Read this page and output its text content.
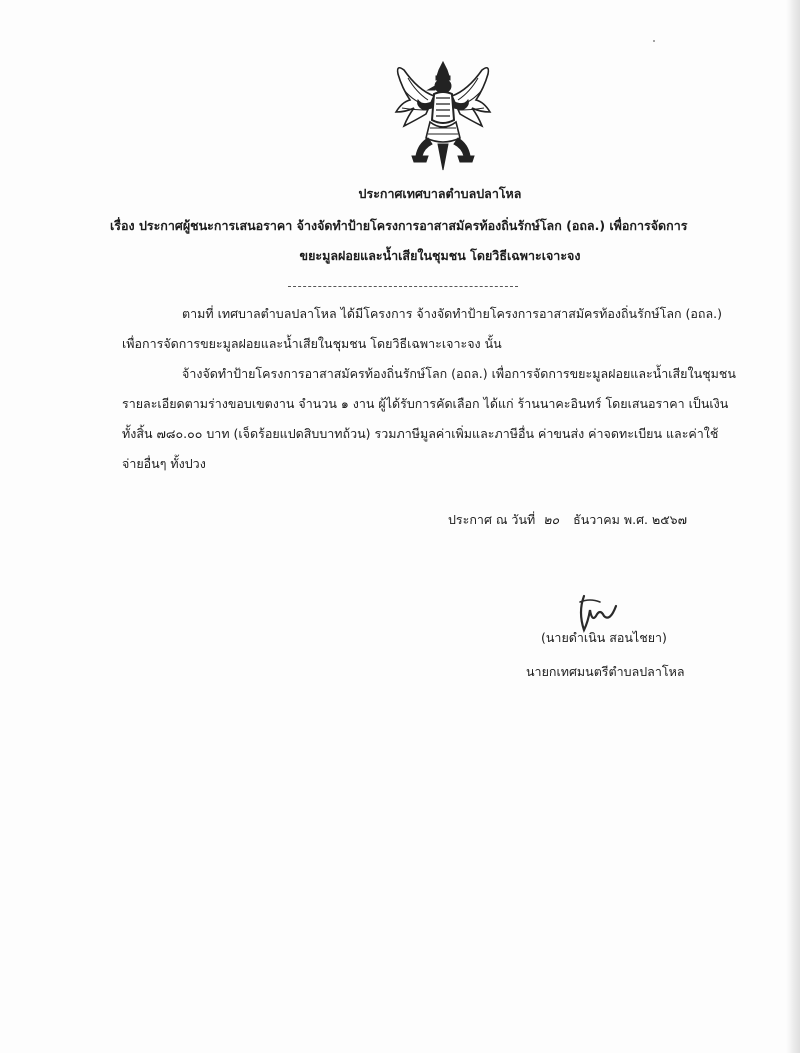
ประกาศเทศบาลตำบลปลาโหล
เรื่อง ประกาศผู้ชนะการเสนอราคา จ้างจัดทำป้ายโครงการอาสาสมัครท้องถิ่นรักษ์โลก (อถล.) เพื่อการจัดการ
ขยะมูลฝอยและน้ำเสียในชุมชน โดยวิธีเฉพาะเจาะจง
ตามที่ เทศบาลตำบลปลาโหล ได้มีโครงการ จ้างจัดทำป้ายโครงการอาสาสมัครท้องถิ่นรักษ์โลก (อถล.)
เพื่อการจัดการขยะมูลฝอยและน้ำเสียในชุมชน โดยวิธีเฉพาะเจาะจง นั้น
จ้างจัดทำป้ายโครงการอาสาสมัครท้องถิ่นรักษ์โลก (อถล.) เพื่อการจัดการขยะมูลฝอยและน้ำเสียในชุมชน
รายละเอียดตามร่างขอบเขตงาน จำนวน ๑ งาน ผู้ได้รับการคัดเลือก ได้แก่ ร้านนาคะอินทร์ โดยเสนอราคา เป็นเงิน
ทั้งสิ้น ๗๘๐.๐๐ บาท (เจ็ดร้อยแปดสิบบาทถ้วน) รวมภาษีมูลค่าเพิ่มและภาษีอื่น ค่าขนส่ง ค่าจดทะเบียน และค่าใช้
จ่ายอื่นๆ ทั้งปวง
ประกาศ ณ วันที่ ๒๐ ธันวาคม พ.ศ. ๒๕๖๗
(นายดำเนิน สอนไชยา)
นายกเทศมนตรีตำบลปลาโหล
